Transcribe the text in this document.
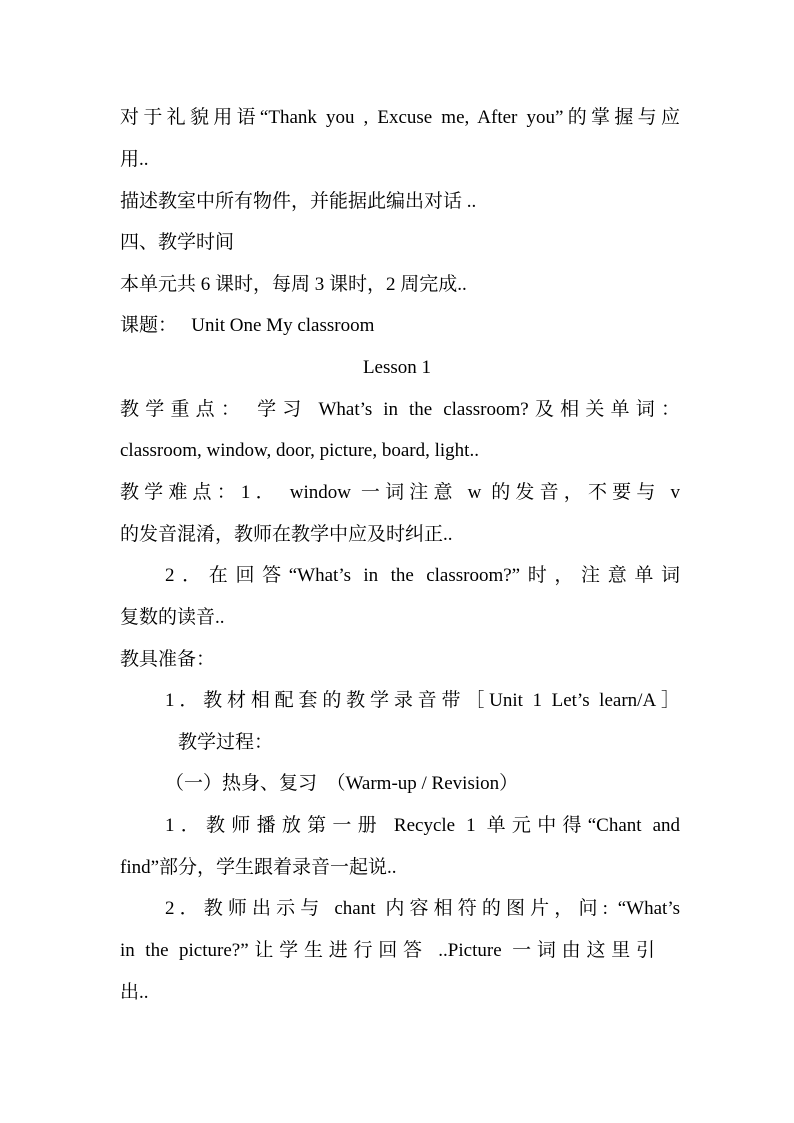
对于礼貌用语“Thank you , Excuse me, After you”的掌握与应
用..
描述教室中所有物件，并能据此编出对话 ..
四、教学时间
本单元共 6 课时，每周 3 课时，2 周完成..
课题：   Unit One My classroom
Lesson 1
教学重点： 学习 What’s in the classroom?及相关单词：
classroom, window, door, picture, board, light..
教学难点：1． window 一词注意 w 的发音，不要与 v
的发音混淆，教师在教学中应及时纠正..
2．在回答“What’s in the classroom?”时，注意单词
复数的读音..
教具准备：
1．教材相配套的教学录音带［Unit 1 Let’s learn/A］
教学过程：
（一）热身、复习  （Warm-up / Revision）
1．教师播放第一册 Recycle 1 单元中得“Chant and
find”部分，学生跟着录音一起说..
2．教师出示与 chant 内容相符的图片，问: “What’s
in the picture?”让学生进行回答 ..Picture 一词由这里引
出..
